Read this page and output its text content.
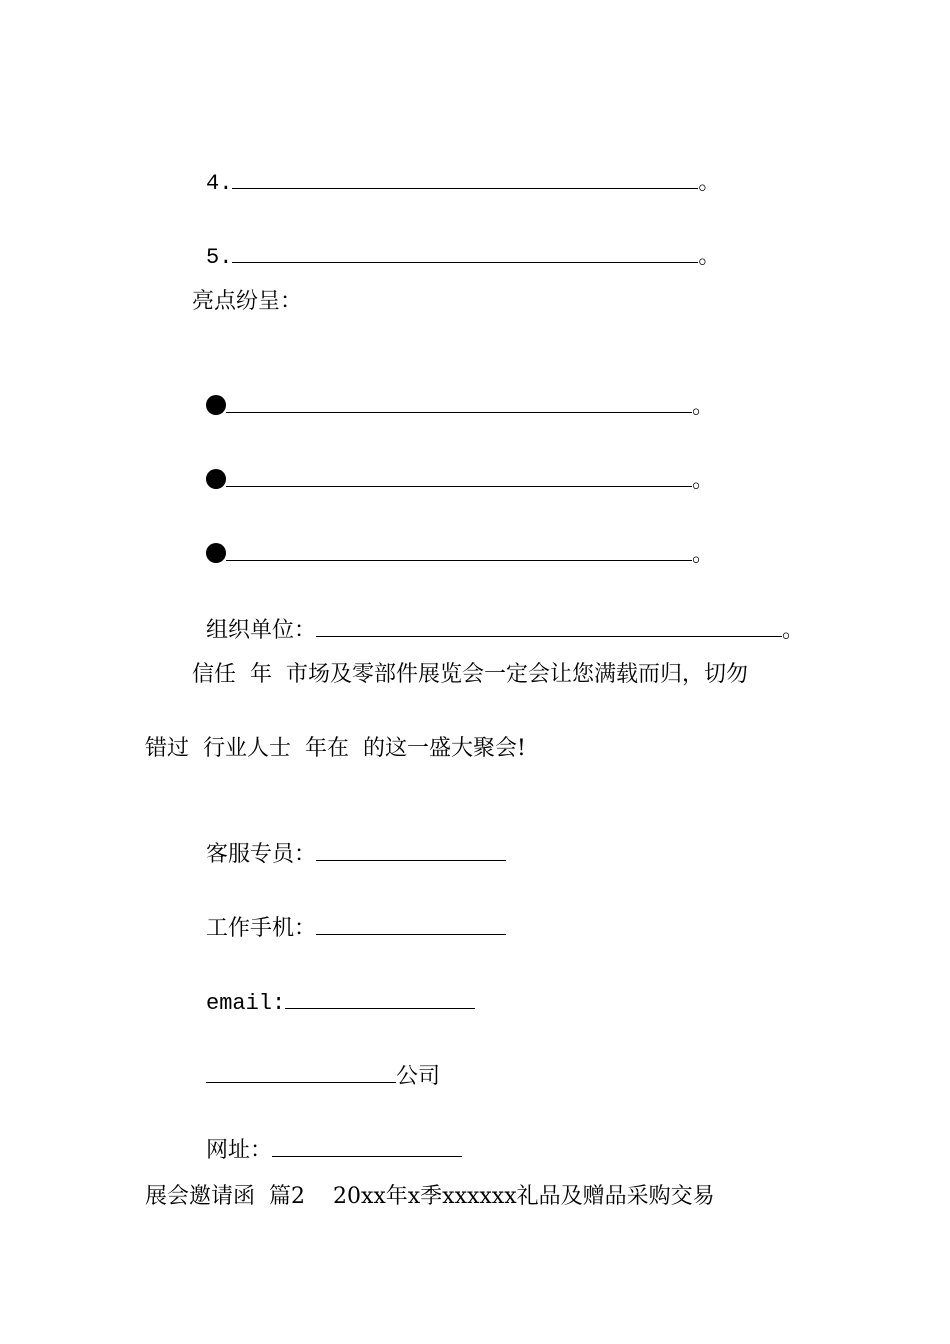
4.	。

5.	。

亮点纷呈：

。

。

。

组织单位：	。

信任  年  市场及零部件展览会一定会让您满载而归，切勿
错过  行业人士  年在  的这一盛大聚会!

客服专员：

工作手机：

email:

公司

网址：

展会邀请函  篇2    20xx年x季xxxxxx礼品及赠品采购交易
